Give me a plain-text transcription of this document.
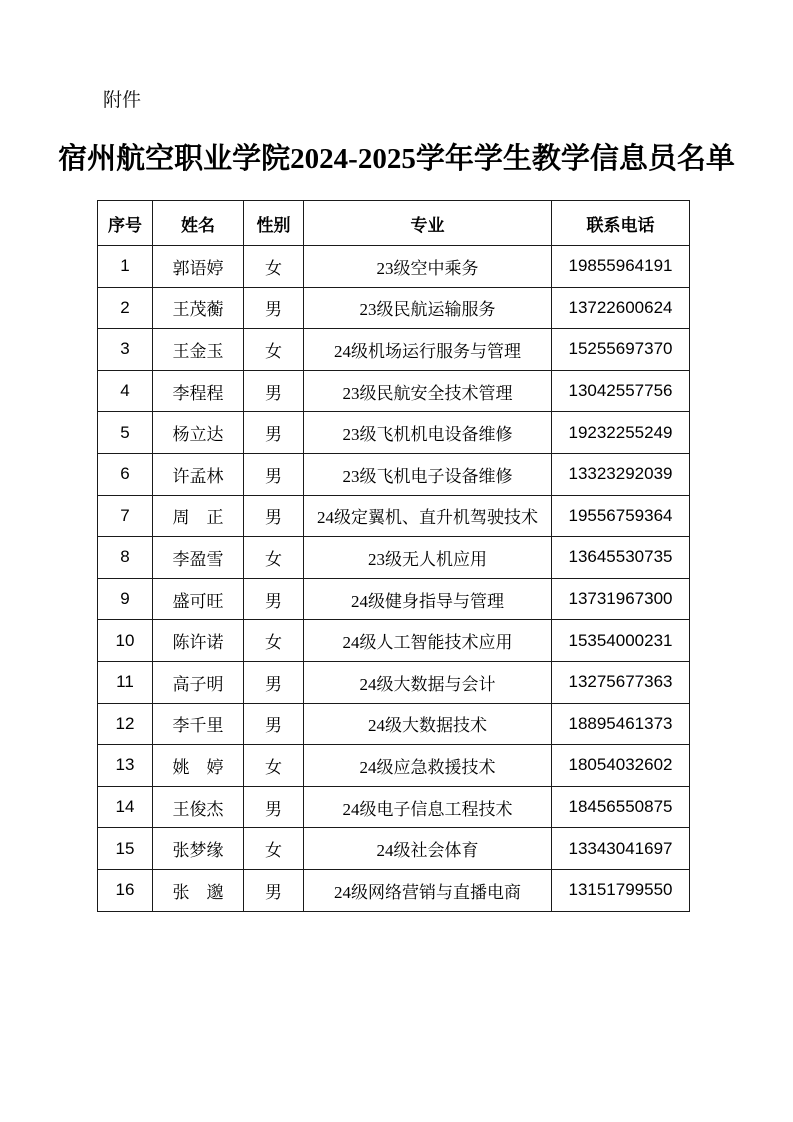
附件
宿州航空职业学院2024-2025学年学生教学信息员名单
序号	姓名	性别	专业	联系电话
1	郭语婷	女	23级空中乘务	19855964191
2	王茂蘅	男	23级民航运输服务	13722600624
3	王金玉	女	24级机场运行服务与管理	15255697370
4	李程程	男	23级民航安全技术管理	13042557756
5	杨立达	男	23级飞机机电设备维修	19232255249
6	许孟林	男	23级飞机电子设备维修	13323292039
7	周　正	男	24级定翼机、直升机驾驶技术	19556759364
8	李盈雪	女	23级无人机应用	13645530735
9	盛可旺	男	24级健身指导与管理	13731967300
10	陈许诺	女	24级人工智能技术应用	15354000231
11	高子明	男	24级大数据与会计	13275677363
12	李千里	男	24级大数据技术	18895461373
13	姚　婷	女	24级应急救援技术	18054032602
14	王俊杰	男	24级电子信息工程技术	18456550875
15	张梦缘	女	24级社会体育	13343041697
16	张　邈	男	24级网络营销与直播电商	13151799550
